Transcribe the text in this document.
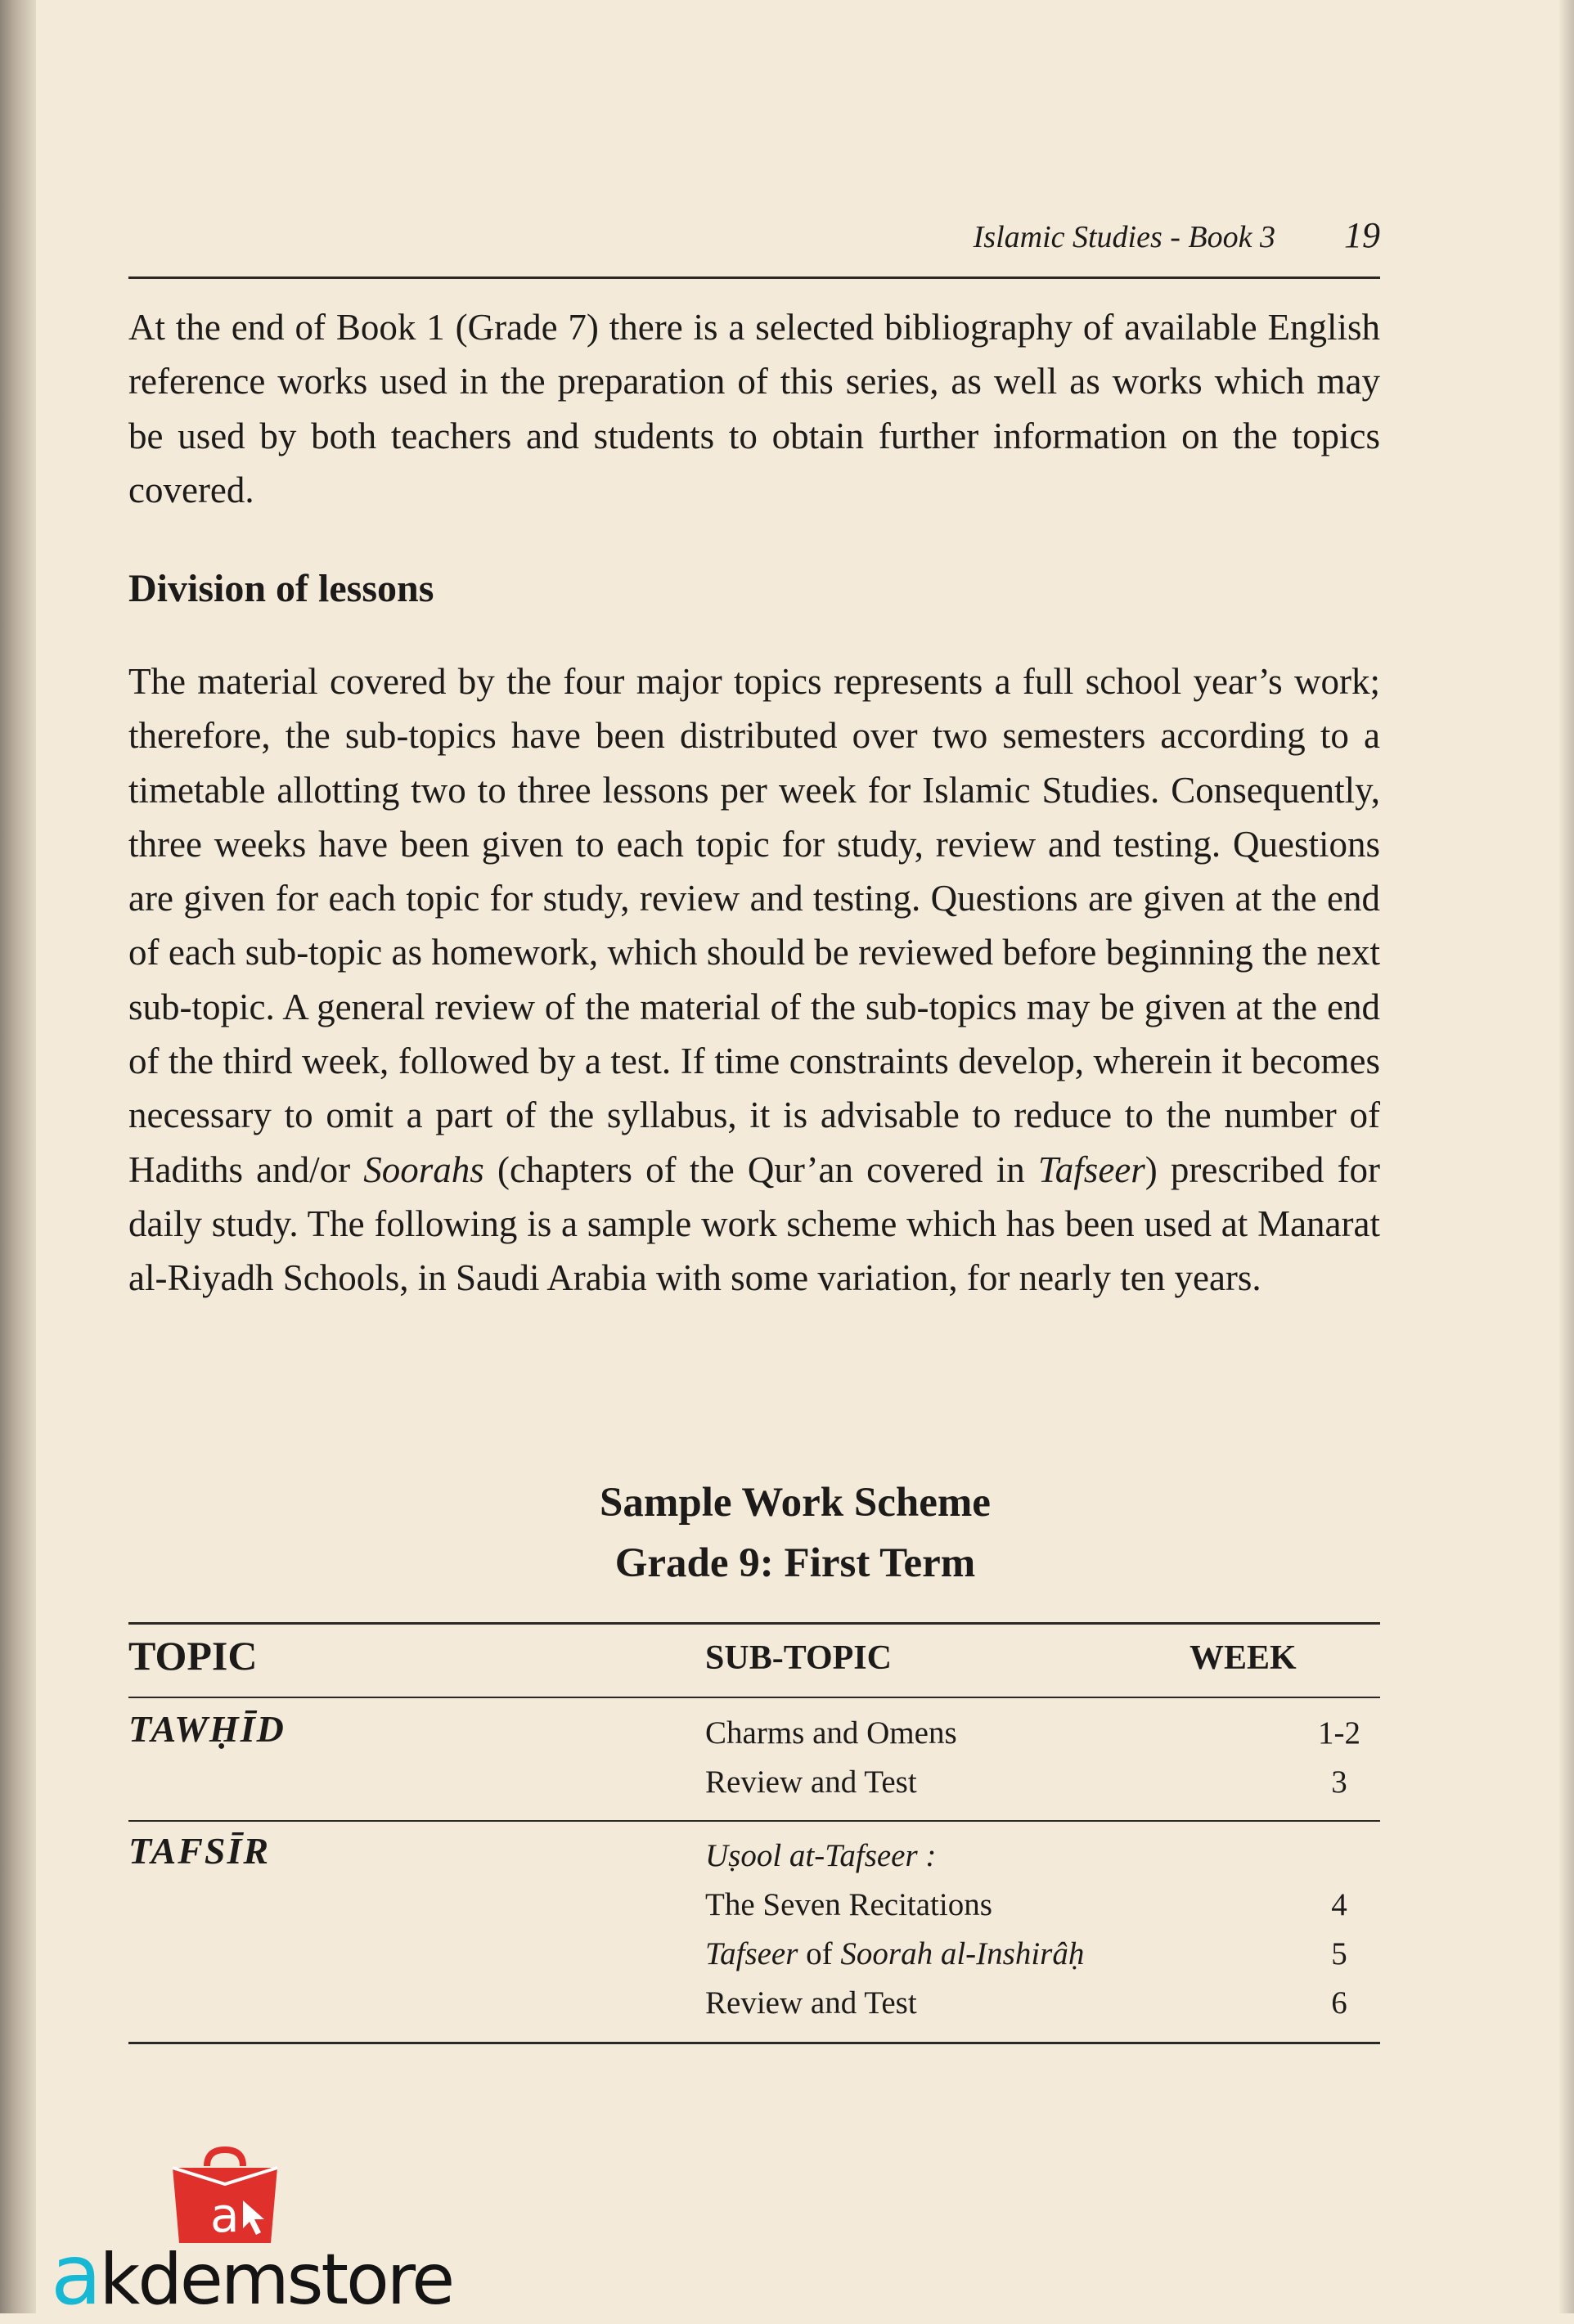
Islamic Studies - Book 3 19

At the end of Book 1 (Grade 7) there is a selected bibliography of available English reference works used in the preparation of this series, as well as works which may be used by both teachers and students to obtain further information on the topics covered.

Division of lessons

The material covered by the four major topics represents a full school year’s work; therefore, the sub-topics have been distributed over two semesters according to a timetable allotting two to three lessons per week for Islamic Studies. Consequently, three weeks have been given to each topic for study, review and testing. Questions are given for each topic for study, review and testing. Questions are given at the end of each sub-topic as homework, which should be reviewed before beginning the next sub-topic. A general review of the material of the sub-topics may be given at the end of the third week, followed by a test. If time constraints develop, wherein it becomes necessary to omit a part of the syllabus, it is advisable to reduce to the number of Hadiths and/or Soorahs (chapters of the Qur’an covered in Tafseer) prescribed for daily study. The following is a sample work scheme which has been used at Manarat al-Riyadh Schools, in Saudi Arabia with some variation, for nearly ten years.

Sample Work Scheme
Grade 9: First Term
TOPIC	SUB-TOPIC	WEEK
TAWḤĪD	Charms and Omens	1-2
Review and Test	3
TAFSĪR	Uṣool at-Tafseer :
The Seven Recitations	4
Tafseer of Soorah al-Inshirâḥ	5
Review and Test	6
a
akdemstore
